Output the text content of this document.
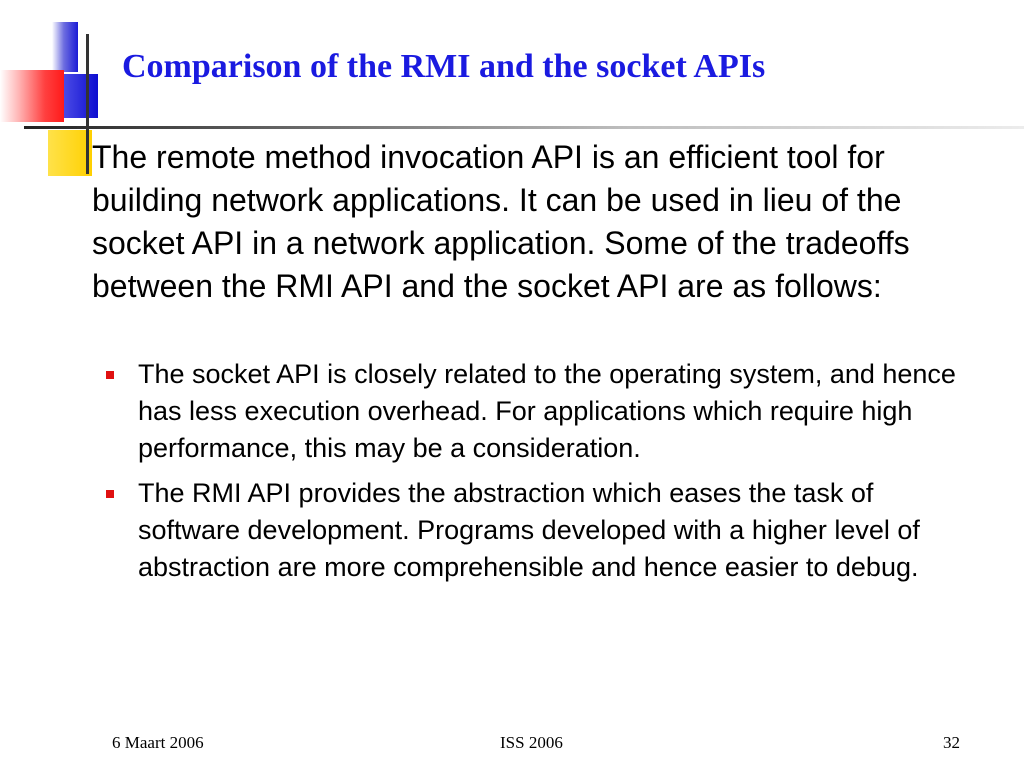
Comparison of the RMI and the socket APIs
The remote method invocation API is an efficient tool for building network applications. It can be used in lieu of the socket API in a network application. Some of the tradeoffs between the RMI API and the socket API are as follows:
The socket API is closely related to the operating system, and hence has less execution overhead. For applications which require high performance, this may be a consideration.
The RMI API provides the abstraction which eases the task of software development. Programs developed with a higher level of abstraction are more comprehensible and hence easier to debug.
6 Maart 2006	ISS 2006	32
